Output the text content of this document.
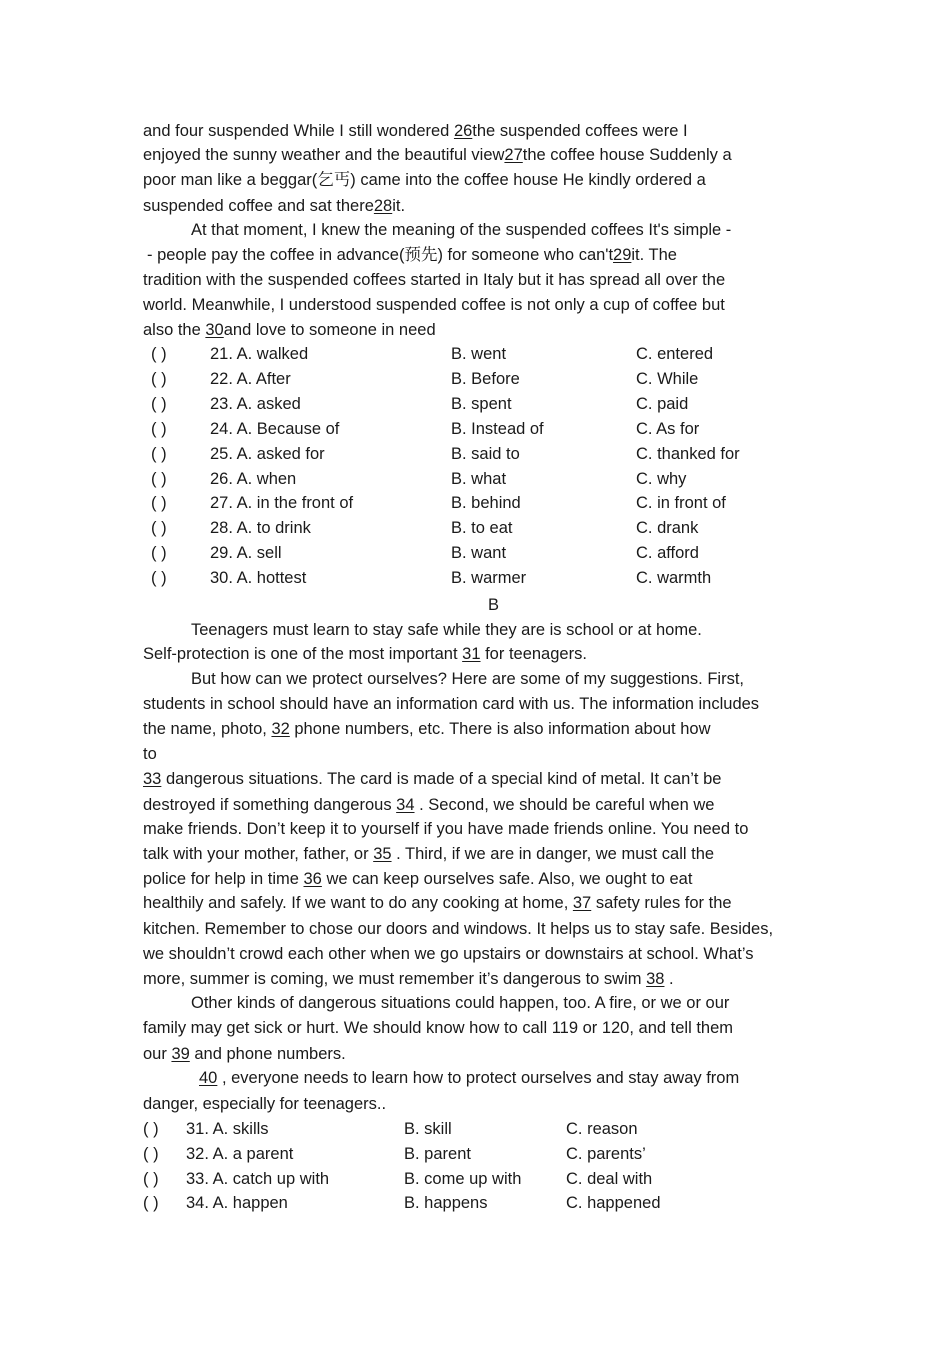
and four suspended While I still wondered 26the suspended coffees were I
enjoyed the sunny weather and the beautiful view27the coffee house Suddenly a
poor man like a beggar(乞丐) came into the coffee house He kindly ordered a
suspended coffee and sat there28it.
At that moment, I knew the meaning of the suspended coffees It's simple -
- people pay the coffee in advance(预先) for someone who can't29it. The
tradition with the suspended coffees started in Italy but it has spread all over the
world. Meanwhile, I understood suspended coffee is not only a cup of coffee but
also the 30and love to someone in need
( )	21. A. walked	B. went	C. entered
( )	22. A. After	B. Before	C. While
( )	23. A. asked	B. spent	C. paid
( )	24. A. Because of	B. Instead of	C. As for
( )	25. A. asked for	B. said to	C. thanked for
( )	26. A. when	B. what	C. why
( )	27. A. in the front of	B. behind	C. in front of
( )	28. A. to drink	B. to eat	C. drank
( )	29. A. sell	B. want	C. afford
( )	30. A. hottest	B. warmer	C. warmth
B
Teenagers must learn to stay safe while they are is school or at home.
Self-protection is one of the most important 31 for teenagers.
But how can we protect ourselves? Here are some of my suggestions. First,
students in school should have an information card with us. The information includes
the name, photo, 32 phone numbers, etc. There is also information about how
to
33 dangerous situations. The card is made of a special kind of metal. It can’t be
destroyed if something dangerous 34 . Second, we should be careful when we
make friends. Don’t keep it to yourself if you have made friends online. You need to
talk with your mother, father, or 35 . Third, if we are in danger, we must call the
police for help in time 36 we can keep ourselves safe. Also, we ought to eat
healthily and safely. If we want to do any cooking at home, 37 safety rules for the
kitchen. Remember to chose our doors and windows. It helps us to stay safe. Besides,
we shouldn’t crowd each other when we go upstairs or downstairs at school. What’s
more, summer is coming, we must remember it’s dangerous to swim 38 .
Other kinds of dangerous situations could happen, too. A fire, or we or our
family may get sick or hurt. We should know how to call 119 or 120, and tell them
our 39 and phone numbers.
40 , everyone needs to learn how to protect ourselves and stay away from
danger, especially for teenagers..
( ) 31. A. skills	B. skill	C. reason
( ) 32. A. a parent	B. parent	C. parents’
( ) 33. A. catch up with	B. come up with	C. deal with
( ) 34. A. happen	B. happens	C. happened
